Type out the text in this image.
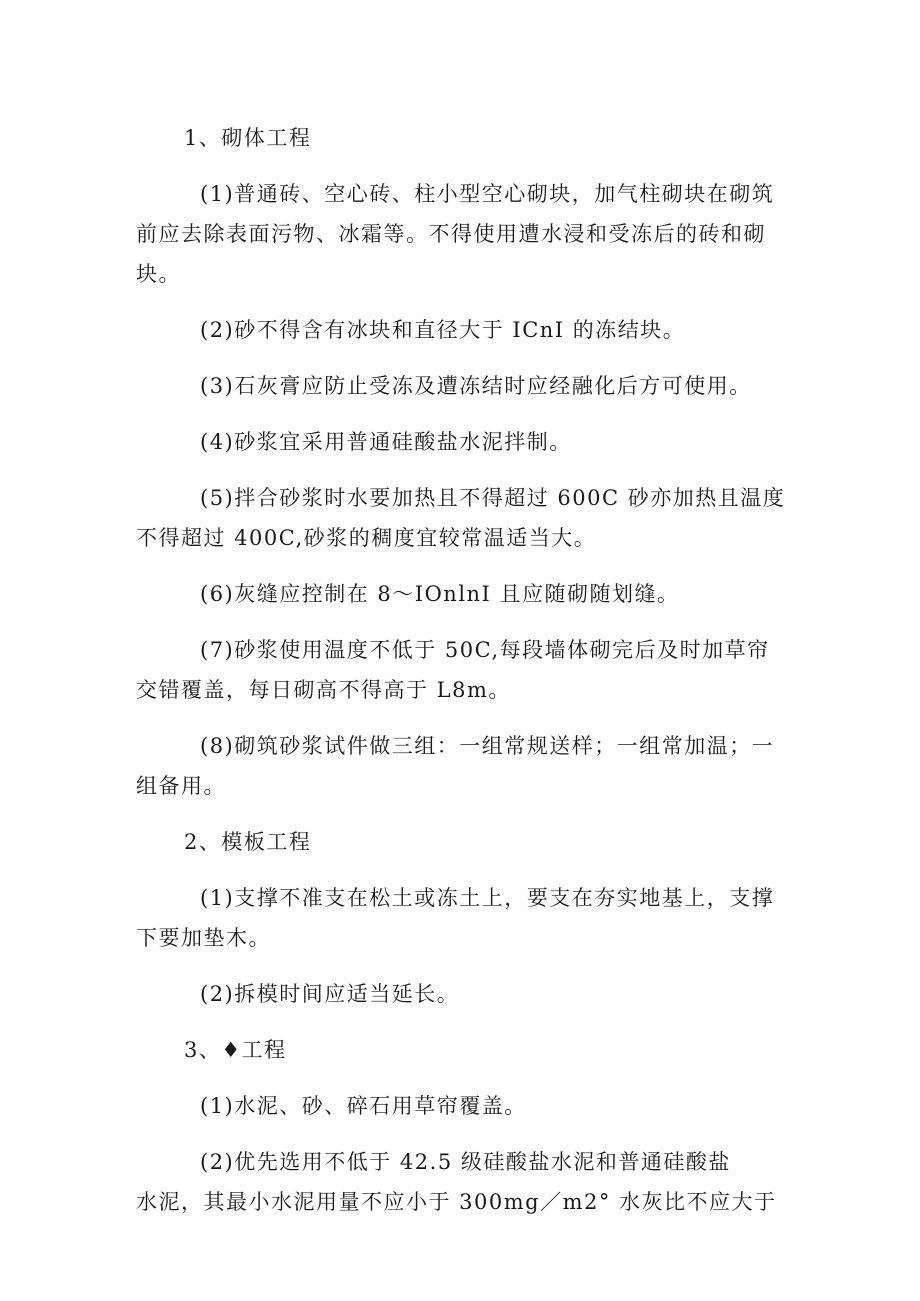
1、砌体工程

(1)普通砖、空心砖、柱小型空心砌块，加气柱砌块在砌筑

前应去除表面污物、冰霜等。不得使用遭水浸和受冻后的砖和砌

块。

(2)砂不得含有冰块和直径大于 ICnI 的冻结块。

(3)石灰膏应防止受冻及遭冻结时应经融化后方可使用。

(4)砂浆宜采用普通硅酸盐水泥拌制。

(5)拌合砂浆时水要加热且不得超过 600C 砂亦加热且温度

不得超过 400C,砂浆的稠度宜较常温适当大。

(6)灰缝应控制在 8～IOnlnI 且应随砌随划缝。

(7)砂浆使用温度不低于 50C,每段墙体砌完后及时加草帘

交错覆盖，每日砌高不得高于 L8m。

(8)砌筑砂浆试件做三组：一组常规送样；一组常加温；一

组备用。

2、模板工程

(1)支撑不准支在松土或冻土上，要支在夯实地基上，支撑

下要加垫木。

(2)拆模时间应适当延长。

3、♦工程

(1)水泥、砂、碎石用草帘覆盖。

(2)优先选用不低于 42.5 级硅酸盐水泥和普通硅酸盐

水泥，其最小水泥用量不应小于 300mg／m2° 水灰比不应大于
